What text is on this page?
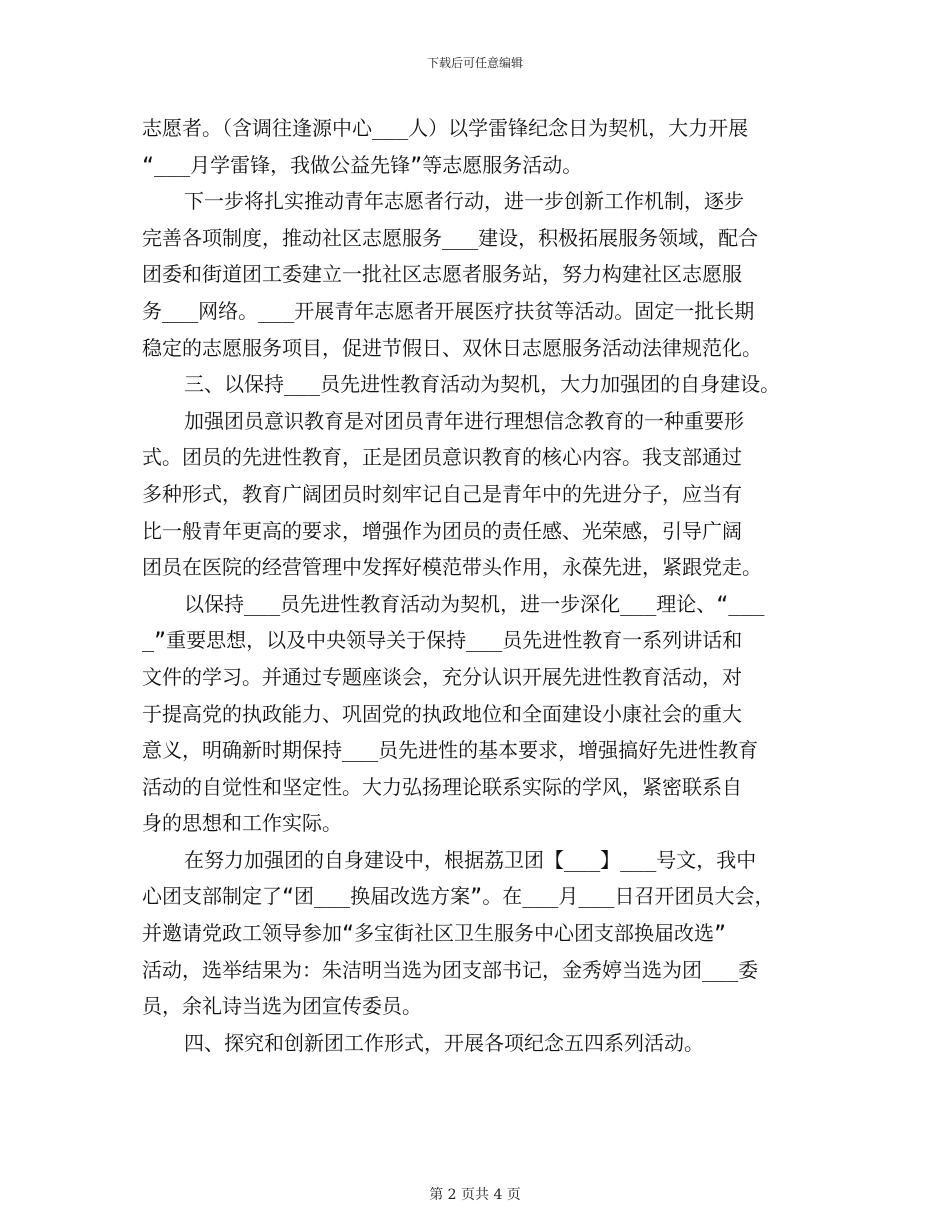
下载后可任意编辑

志愿者。（含调往逢源中心___人）以学雷锋纪念日为契机，大力开展

“___月学雷锋，我做公益先锋”等志愿服务活动。

下一步将扎实推动青年志愿者行动，进一步创新工作机制，逐步

完善各项制度，推动社区志愿服务___建设，积极拓展服务领域，配合

团委和街道团工委建立一批社区志愿者服务站，努力构建社区志愿服

务___网络。___开展青年志愿者开展医疗扶贫等活动。固定一批长期

稳定的志愿服务项目，促进节假日、双休日志愿服务活动法律规范化。

三、以保持___员先进性教育活动为契机，大力加强团的自身建设。

加强团员意识教育是对团员青年进行理想信念教育的一种重要形

式。团员的先进性教育，正是团员意识教育的核心内容。我支部通过

多种形式，教育广阔团员时刻牢记自己是青年中的先进分子，应当有

比一般青年更高的要求，增强作为团员的责任感、光荣感，引导广阔

团员在医院的经营管理中发挥好模范带头作用，永葆先进，紧跟党走。

以保持___员先进性教育活动为契机，进一步深化___理论、“___

_”重要思想，以及中央领导关于保持___员先进性教育一系列讲话和

文件的学习。并通过专题座谈会，充分认识开展先进性教育活动，对

于提高党的执政能力、巩固党的执政地位和全面建设小康社会的重大

意义，明确新时期保持___员先进性的基本要求，增强搞好先进性教育

活动的自觉性和坚定性。大力弘扬理论联系实际的学风，紧密联系自

身的思想和工作实际。

在努力加强团的自身建设中，根据荔卫团【___】___号文，我中

心团支部制定了“团___换届改选方案”。在___月___日召开团员大会，

并邀请党政工领导参加“多宝街社区卫生服务中心团支部换届改选”

活动，选举结果为：朱洁明当选为团支部书记，金秀婷当选为团___委

员，余礼诗当选为团宣传委员。

四、探究和创新团工作形式，开展各项纪念五四系列活动。

第 2 页共 4 页
